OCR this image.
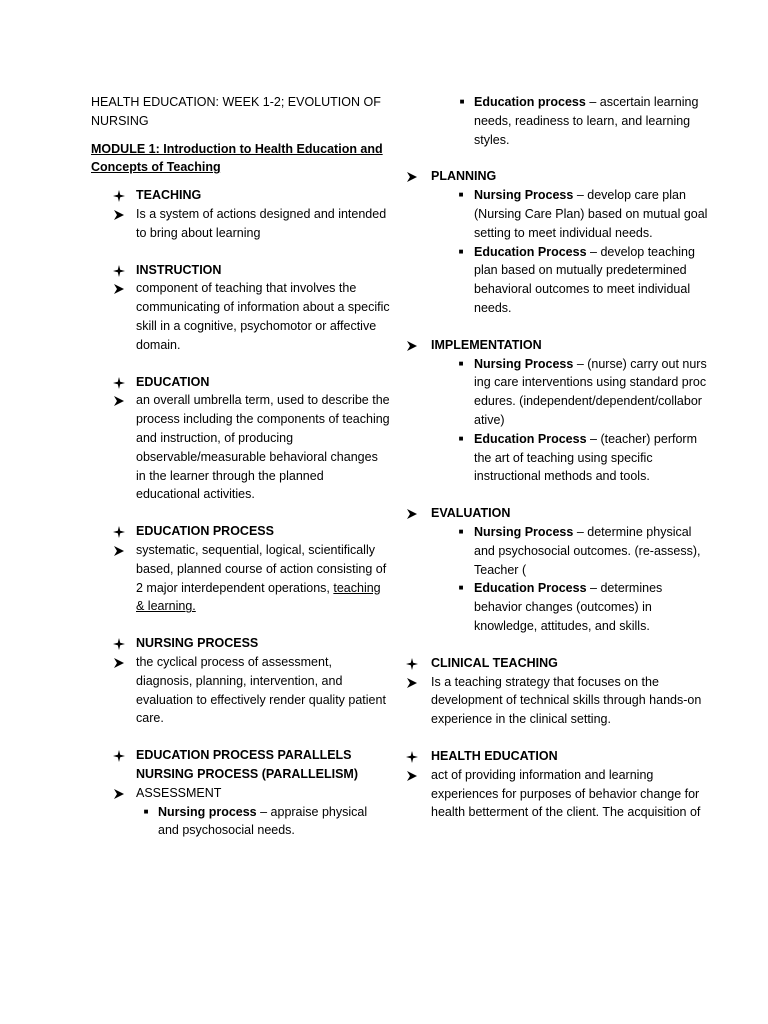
HEALTH EDUCATION: WEEK 1-2; EVOLUTION OF NURSING
MODULE 1: Introduction to Health Education and Concepts of Teaching
TEACHING
Is a system of actions designed and intended to bring about learning
INSTRUCTION
component of teaching that involves the communicating of information about a specific skill in a cognitive, psychomotor or affective domain.
EDUCATION
an overall umbrella term, used to describe the process including the components of teaching and instruction, of producing observable/measurable behavioral changes in the learner through the planned educational activities.
EDUCATION PROCESS
systematic, sequential, logical, scientifically based, planned course of action consisting of 2 major interdependent operations, teaching & learning.
NURSING PROCESS
the cyclical process of assessment, diagnosis, planning, intervention, and evaluation to effectively render quality patient care.
EDUCATION PROCESS PARALLELS NURSING PROCESS (PARALLELISM)
ASSESSMENT
■ Nursing process – appraise physical and psychosocial needs.
■ Education process – ascertain learning needs, readiness to learn, and learning styles.
PLANNING
■ Nursing Process – develop care plan (Nursing Care Plan) based on mutual goal setting to meet individual needs.
■ Education Process – develop teaching plan based on mutually predetermined behavioral outcomes to meet individual needs.
IMPLEMENTATION
■ Nursing Process – (nurse) carry out nursing care interventions using standard procedures. (independent/dependent/collaborative)
■ Education Process – (teacher) perform the art of teaching using specific instructional methods and tools.
EVALUATION
■ Nursing Process – determine physical and psychosocial outcomes. (re-assess), Teacher (
■ Education Process – determines behavior changes (outcomes) in knowledge, attitudes, and skills.
CLINICAL TEACHING
Is a teaching strategy that focuses on the development of technical skills through hands-on experience in the clinical setting.
HEALTH EDUCATION
act of providing information and learning experiences for purposes of behavior change for health betterment of the client. The acquisition of
